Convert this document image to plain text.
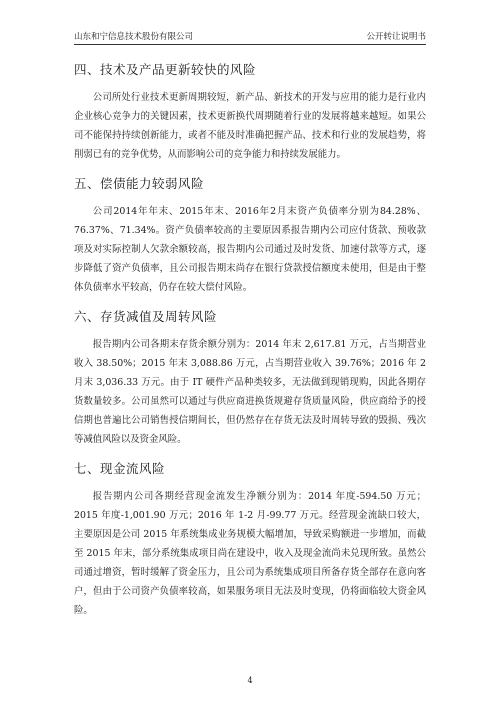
山东和宁信息技术股份有限公司	公开转让说明书
四、技术及产品更新较快的风险

公司所处行业技术更新周期较短，新产品、新技术的开发与应用的能力是行业内企业核心竞争力的关键因素，技术更新换代周期随着行业的发展将越来越短。如果公司不能保持持续创新能力，或者不能及时准确把握产品、技术和行业的发展趋势，将削弱已有的竞争优势，从而影响公司的竞争能力和持续发展能力。

五、偿债能力较弱风险

公司2014年年末、2015年末、2016年2月末资产负债率分别为84.28%、76.37%、71.34%。资产负债率较高的主要原因系报告期内公司应付货款、预收款项及对实际控制人欠款余额较高，报告期内公司通过及时发货、加速付款等方式，逐步降低了资产负债率，且公司报告期末尚存在银行贷款授信额度未使用，但是由于整体负债率水平较高，仍存在较大偿付风险。

六、存货减值及周转风险

报告期内公司各期末存货余额分别为：2014 年末 2,617.81 万元，占当期营业收入 38.50%；2015 年末 3,088.86 万元，占当期营业收入 39.76%；2016 年 2 月末 3,036.33 万元。由于 IT 硬件产品种类较多，无法做到现销现购，因此各期存货数量较多。公司虽然可以通过与供应商进换货规避存货质量风险，供应商给予的授信期也普遍比公司销售授信期间长，但仍然存在存货无法及时周转导致的毁损、残次等减值风险以及资金风险。

七、现金流风险

报告期内公司各期经营现金流发生净额分别为：2014 年度-594.50 万元；2015 年度-1,001.90 万元；2016 年 1-2 月-99.77 万元。经营现金流缺口较大，主要原因是公司 2015 年系统集成业务规模大幅增加，导致采购额进一步增加，而截至 2015 年末，部分系统集成项目尚在建设中，收入及现金流尚未兑现所致。虽然公司通过增资，暂时缓解了资金压力，且公司为系统集成项目所备存货全部存在意向客户，但由于公司资产负债率较高，如果服务项目无法及时变现，仍将面临较大资金风险。

4
